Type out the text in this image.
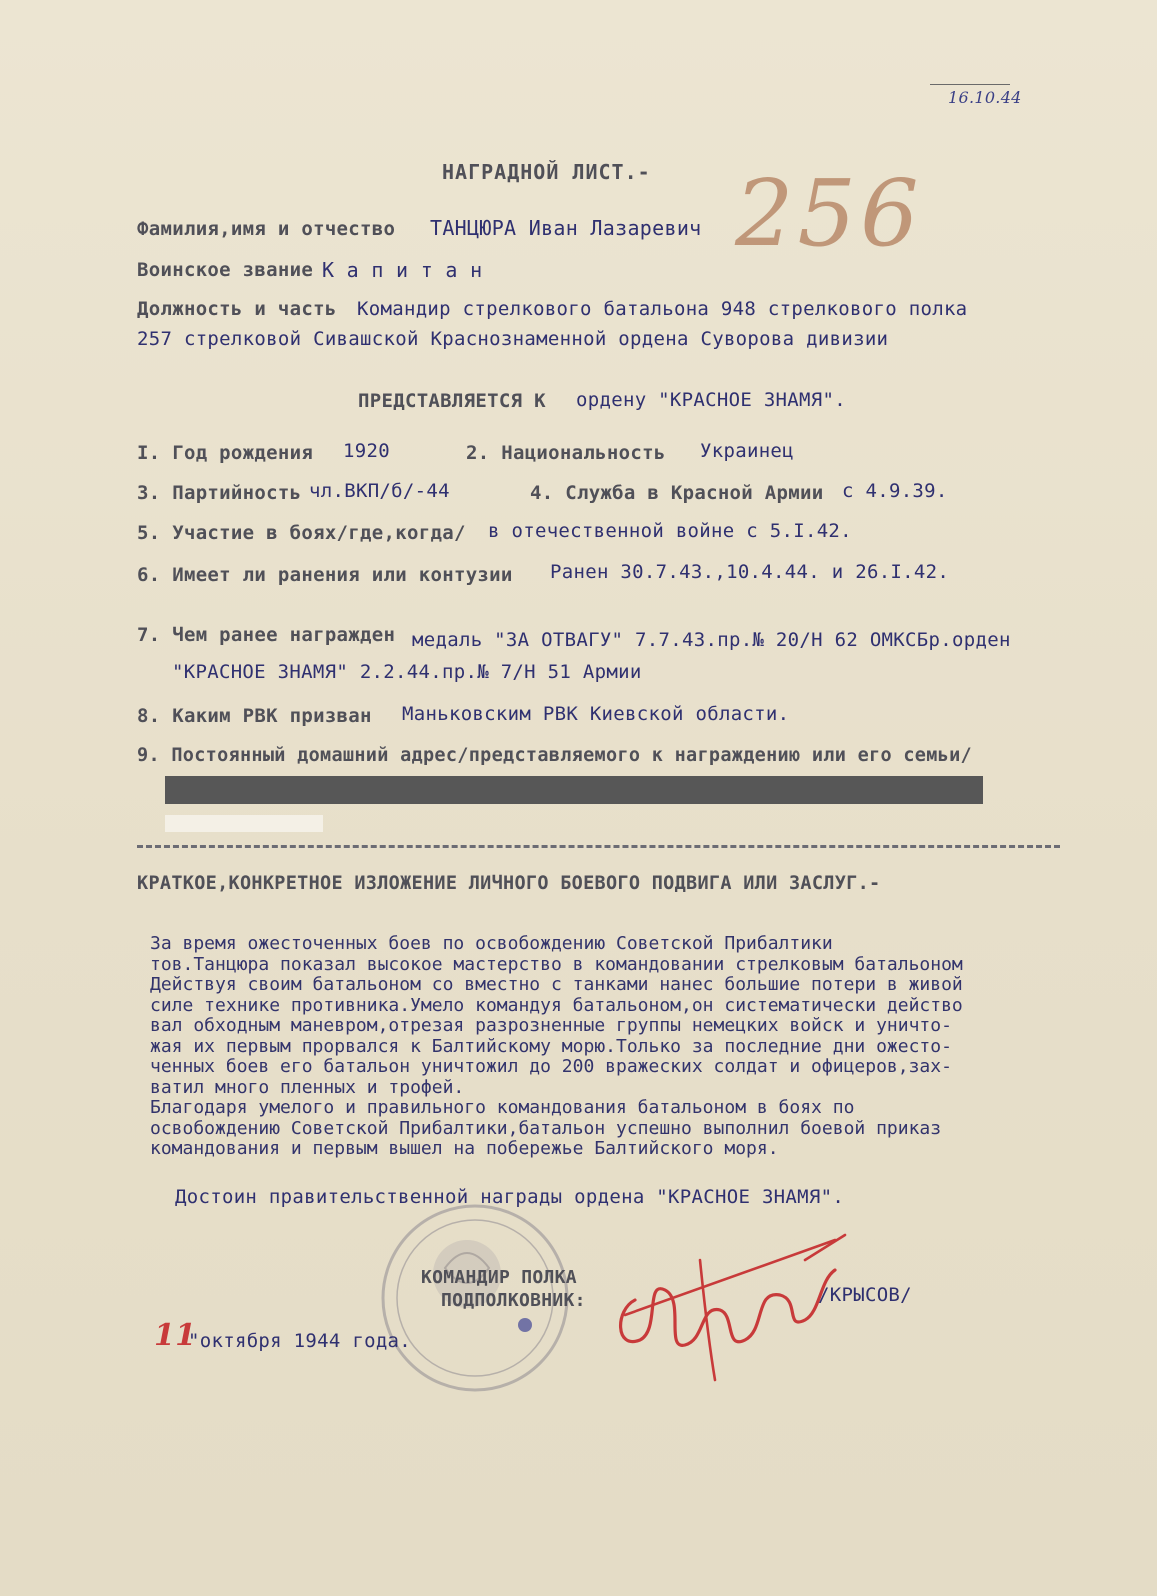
16.10.44
256
НАГРАДНОЙ ЛИСТ.-
Фамилия,имя и отчество ТАНЦЮРА Иван Лазаревич
Воинское звание К а п и т а н
Должность и часть Командир стрелкового батальона 948 стрелкового полка
257 стрелковой Сивашской Краснознаменной ордена Суворова дивизии
ПРЕДСТАВЛЯЕТСЯ К ордену "КРАСНОЕ ЗНАМЯ".
I. Год рождения 1920	2. Национальность Украинец
3. Партийность чл.ВКП/б/-44	4. Служба в Красной Армии с 4.9.39.
5. Участие в боях/где,когда/ в отечественной войне с 5.I.42.
6. Имеет ли ранения или контузии Ранен 30.7.43.,10.4.44. и 26.I.42.
7. Чем ранее награжден медаль "ЗА ОТВАГУ" 7.7.43.пр.№ 20/Н 62 ОМКСБр.орден
"КРАСНОЕ ЗНАМЯ" 2.2.44.пр.№ 7/Н 51 Армии
8. Каким РВК призван Маньковским РВК Киевской области.
9. Постоянный домашний адрес/представляемого к награждению или его семьи/
КРАТКОЕ,КОНКРЕТНОЕ ИЗЛОЖЕНИЕ ЛИЧНОГО БОЕВОГО ПОДВИГА ИЛИ ЗАСЛУГ.-
За время ожесточенных боев по освобождению Советской Прибалтики
тов.Танцюра показал высокое мастерство в командовании стрелковым батальоном
Действуя своим батальоном со вместно с танками нанес большие потери в живой
силе технике противника.Умело командуя батальоном,он систематически действо
вал обходным маневром,отрезая разрозненные группы немецких войск и уничто-
жая их первым прорвался к Балтийскому морю.Только за последние дни ожесто-
ченных боев его батальон уничтожил до 200 вражеских солдат и офицеров,зах-
ватил много пленных и трофей.
Благодаря умелого и правильного командования батальоном в боях по
освобождению Советской Прибалтики,батальон успешно выполнил боевой приказ
командования и первым вышел на побережье Балтийского моря.
Достоин правительственной награды ордена "КРАСНОЕ ЗНАМЯ".
КОМАНДИР ПОЛКА
ПОДПОЛКОВНИК:	/КРЫСОВ/
11
"октября 1944 года.
